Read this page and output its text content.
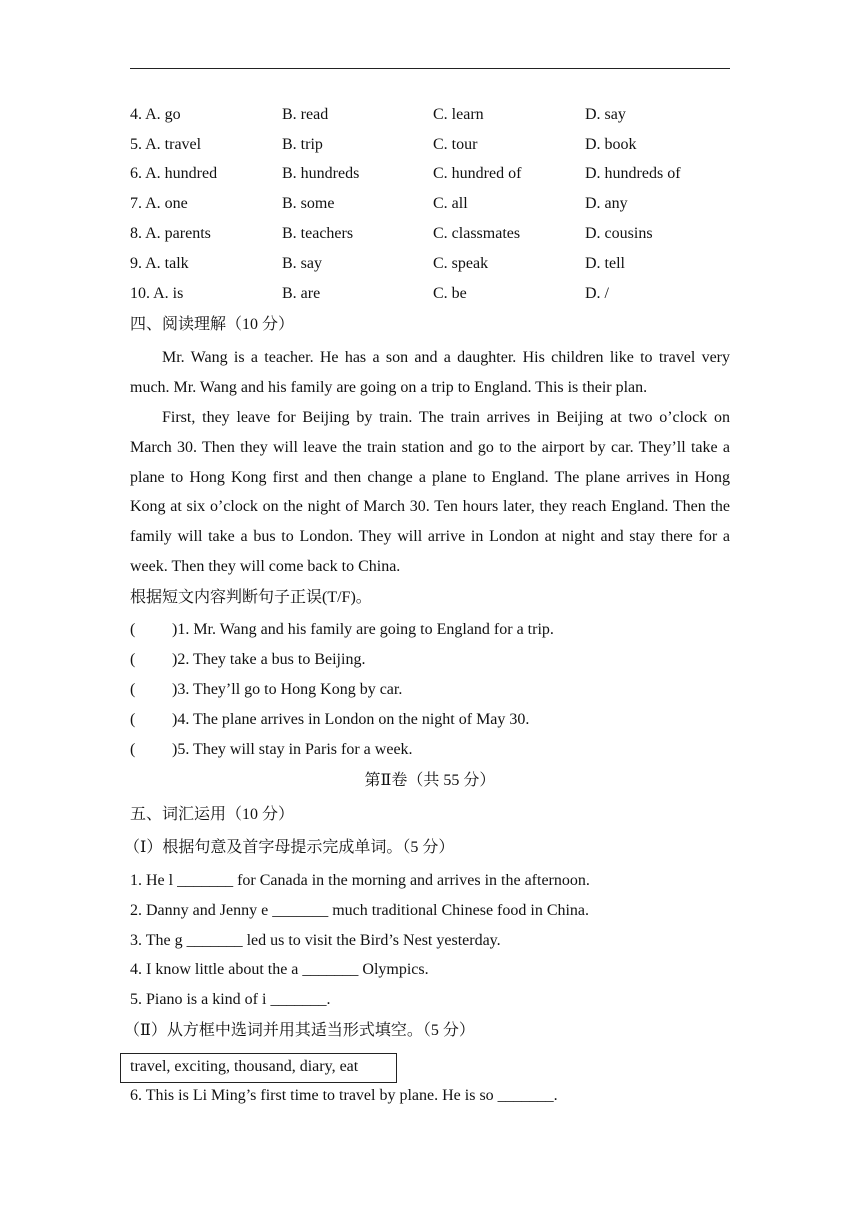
4. A. go	B. read	C. learn	D. say
5. A. travel	B. trip	C. tour	D. book
6. A. hundred	B. hundreds	C. hundred of	D. hundreds of
7. A. one	B. some	C. all	D. any
8. A. parents	B. teachers	C. classmates	D. cousins
9. A. talk	B. say	C. speak	D. tell
10. A. is	B. are	C. be	D. /
四、阅读理解（10 分）

Mr. Wang is a teacher. He has a son and a daughter. His children like to travel very much. Mr. Wang and his family are going on a trip to England. This is their plan.

First, they leave for Beijing by train. The train arrives in Beijing at two o’clock on March 30. Then they will leave the train station and go to the airport by car. They’ll take a plane to Hong Kong first and then change a plane to England. The plane arrives in Hong Kong at six o’clock on the night of March 30. Ten hours later, they reach England. Then the family will take a bus to London. They will arrive in London at night and stay there for a week. Then they will come back to China.

根据短文内容判断句子正误(T/F)。
( )1. Mr. Wang and his family are going to England for a trip.
( )2. They take a bus to Beijing.
( )3. They’ll go to Hong Kong by car.
( )4. The plane arrives in London on the night of May 30.
( )5. They will stay in Paris for a week.
第Ⅱ卷（共 55 分）
五、词汇运用（10 分）
（Ⅰ）根据句意及首字母提示完成单词。（5 分）
1. He l _______ for Canada in the morning and arrives in the afternoon.
2. Danny and Jenny e _______ much traditional Chinese food in China.
3. The g _______ led us to visit the Bird’s Nest yesterday.
4. I know little about the a _______ Olympics.
5. Piano is a kind of i _______.
（Ⅱ）从方框中选词并用其适当形式填空。（5 分）
travel, exciting, thousand, diary, eat
6. This is Li Ming’s first time to travel by plane. He is so _______.
